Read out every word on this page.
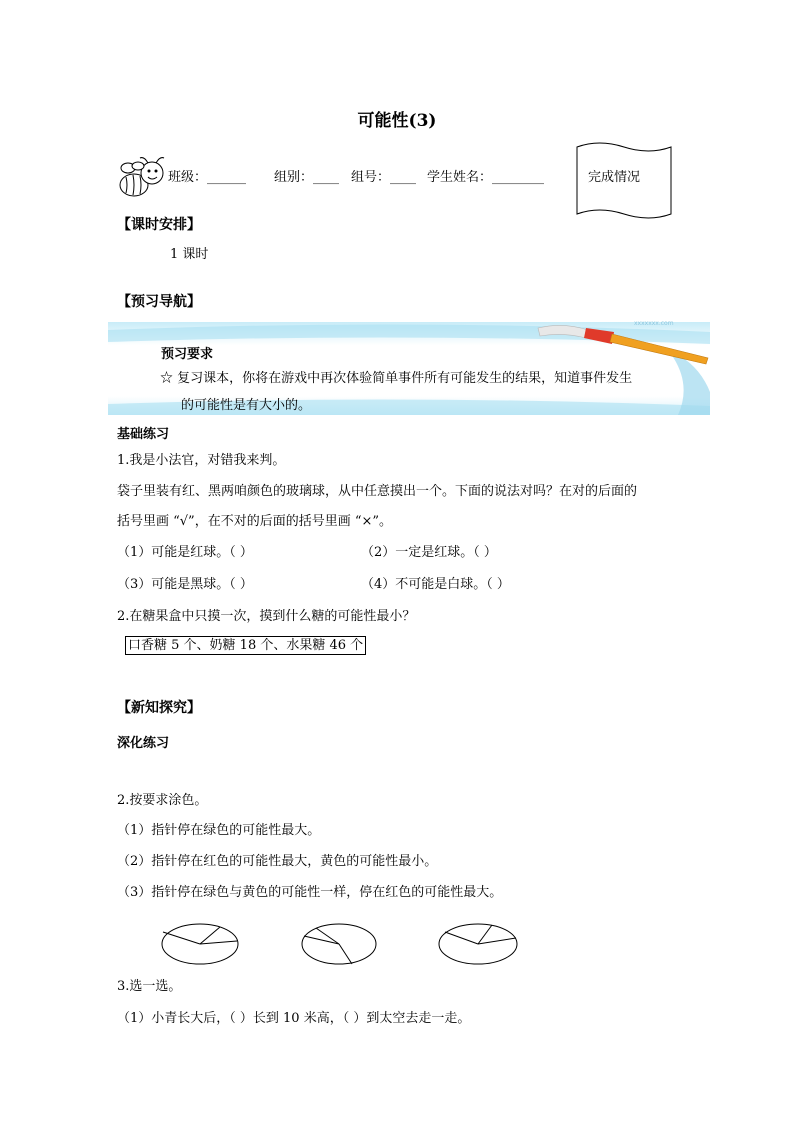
可能性(3)
班级：______ 组别：____ 组号：____ 学生姓名：________	完成情况
【课时安排】
1 课时
【预习导航】
xxxxxxx.com
预习要求
☆ 复习课本，你将在游戏中再次体验简单事件所有可能发生的结果，知道事件发生
的可能性是有大小的。
基础练习
1.我是小法官，对错我来判。
袋子里装有红、黑两咱颜色的玻璃球，从中任意摸出一个。下面的说法对吗？在对的后面的
括号里画 “√”，在不对的后面的括号里画 “×”。
（1）可能是红球。（ ）	（2）一定是红球。（ ）
（3）可能是黑球。（ ）	（4）不可能是白球。（ ）
2.在糖果盒中只摸一次，摸到什么糖的可能性最小？
口香糖 5 个、奶糖 18 个、水果糖 46 个
【新知探究】
深化练习
2.按要求涂色。
（1）指针停在绿色的可能性最大。
（2）指针停在红色的可能性最大，黄色的可能性最小。
（3）指针停在绿色与黄色的可能性一样，停在红色的可能性最大。
3.选一选。
（1）小青长大后，（ ）长到 10 米高，（ ）到太空去走一走。
